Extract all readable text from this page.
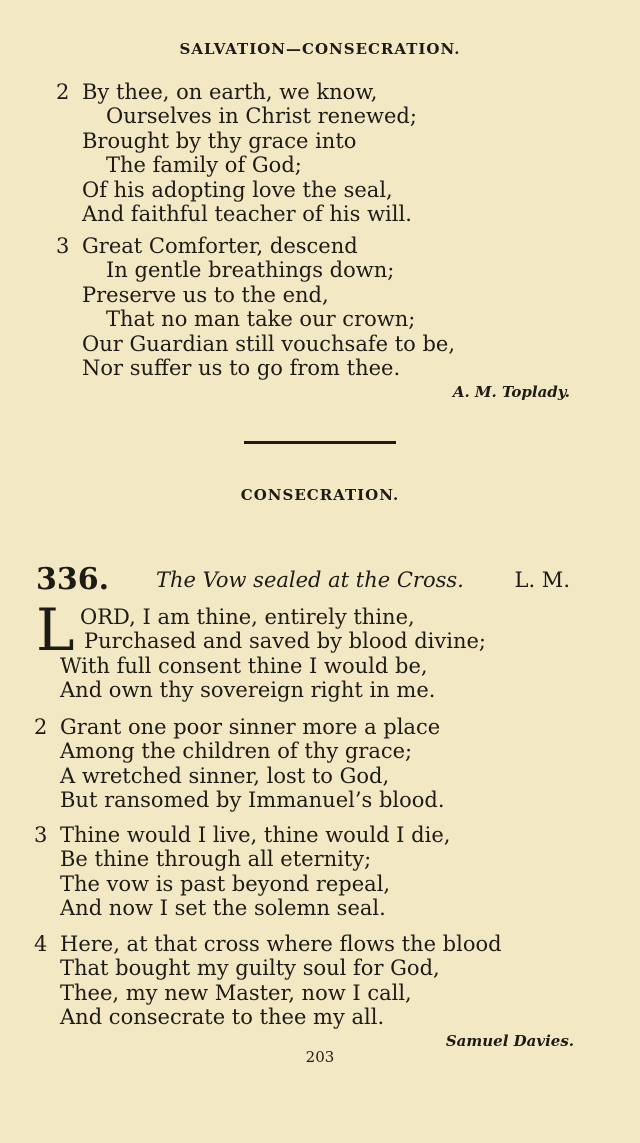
SALVATION—CONSECRATION.
2 By thee, on earth, we know,
Ourselves in Christ renewed;
Brought by thy grace into
The family of God;
Of his adopting love the seal,
And faithful teacher of his will.
3 Great Comforter, descend
In gentle breathings down;
Preserve us to the end,
That no man take our crown;
Our Guardian still vouchsafe to be,
Nor suffer us to go from thee.
A. M. Toplady.
CONSECRATION.
336. The Vow sealed at the Cross. L. M.
L ORD, I am thine, entirely thine,
Purchased and saved by blood divine;
With full consent thine I would be,
And own thy sovereign right in me.
2 Grant one poor sinner more a place
Among the children of thy grace;
A wretched sinner, lost to God,
But ransomed by Immanuel’s blood.
3 Thine would I live, thine would I die,
Be thine through all eternity;
The vow is past beyond repeal,
And now I set the solemn seal.
4 Here, at that cross where flows the blood
That bought my guilty soul for God,
Thee, my new Master, now I call,
And consecrate to thee my all.
Samuel Davies.
203
